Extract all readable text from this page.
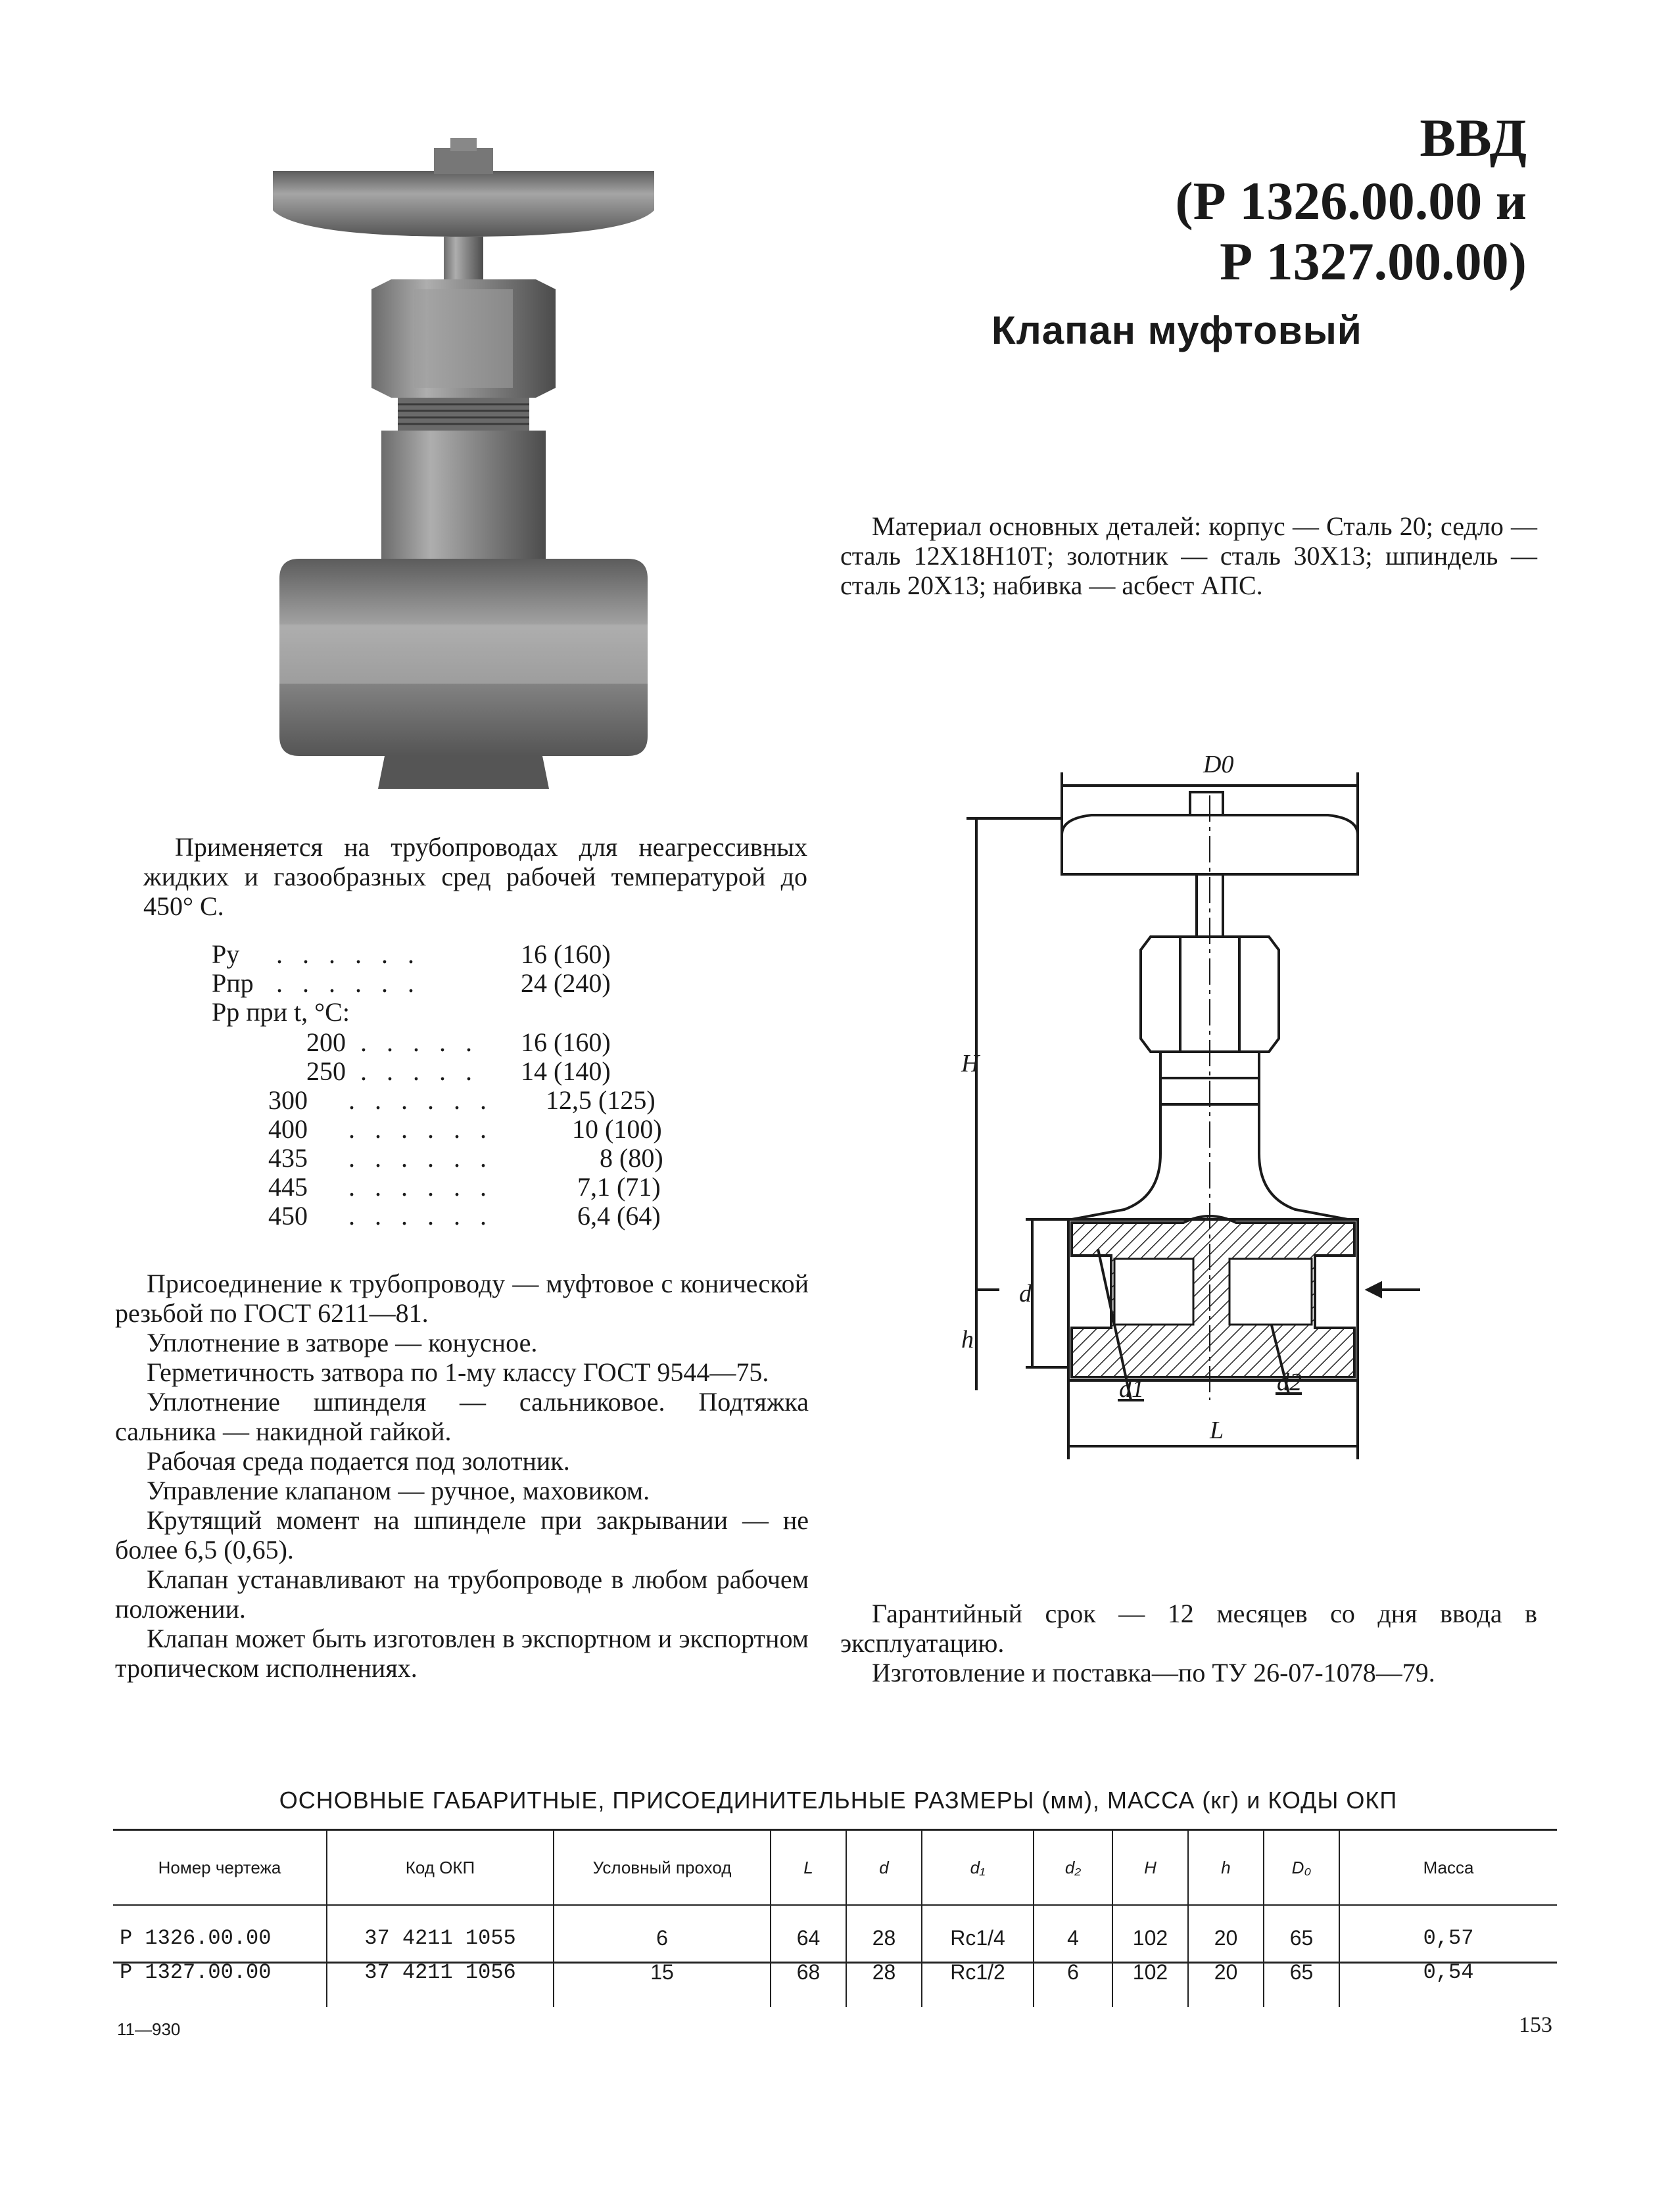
ВВД
(Р 1326.00.00 и
Р 1327.00.00)
Клапан муфтовый

Материал основных деталей: корпус — Сталь 20; седло — сталь 12Х18Н10Т; золотник — сталь 30Х13; шпиндель — сталь 20Х13; набивка — асбест АПС.

Применяется на трубопроводах для неагрессивных жидких и газообразных сред рабочей температурой до 450° С.

Pу .   .   .   .   .   .	16 (160)
Pпр .   .   .   .   .   .	24 (240)
Pр при t, °С:
200 .   .   .   .   . 16 (160)
250 .   .   .   .   . 14 (140)
300 .   .   .   .   .   . 12,5 (125)
400 .   .   .   .   .   .	10 (100)
435 .   .   .   .   .   .	8 (80)
445 .   .   .   .   .   .	7,1 (71)
450 .   .   .   .   .   .	6,4 (64)

Присоединение к трубопроводу — муфтовое с конической резьбой по ГОСТ 6211—81.

Уплотнение в затворе — конусное.

Герметичность затвора по 1-му классу ГОСТ 9544—75.

Уплотнение шпинделя — сальниковое. Подтяжка сальника — накидной гайкой.

Рабочая среда подается под золотник.

Управление клапаном — ручное, маховиком.

Крутящий момент на шпинделе при закрывании — не более 6,5 (0,65).

Клапан устанавливают на трубопроводе в любом рабочем положении.

Клапан может быть изготовлен в экспортном и экспортном тропическом исполнениях.

D0
H
d
h
d1	d2
L

Гарантийный срок — 12 месяцев со дня ввода в эксплуатацию.

Изготовление и поставка—по ТУ 26-07-1078—79.

ОСНОВНЫЕ ГАБАРИТНЫЕ, ПРИСОЕДИНИТЕЛЬНЫЕ РАЗМЕРЫ (мм), МАССА (кг) и КОДЫ ОКП
Номер чертежа	Код ОКП	Условный проход	L	d	d₁	d₂	H	h	D₀	Масса
Р 1326.00.00	37 4211 1055	6	64	28	Rc1/4	4	102	20	65	0,57
Р 1327.00.00	37 4211 1056	15	68	28	Rc1/2	6	102	20	65	0,54
11—930	153
